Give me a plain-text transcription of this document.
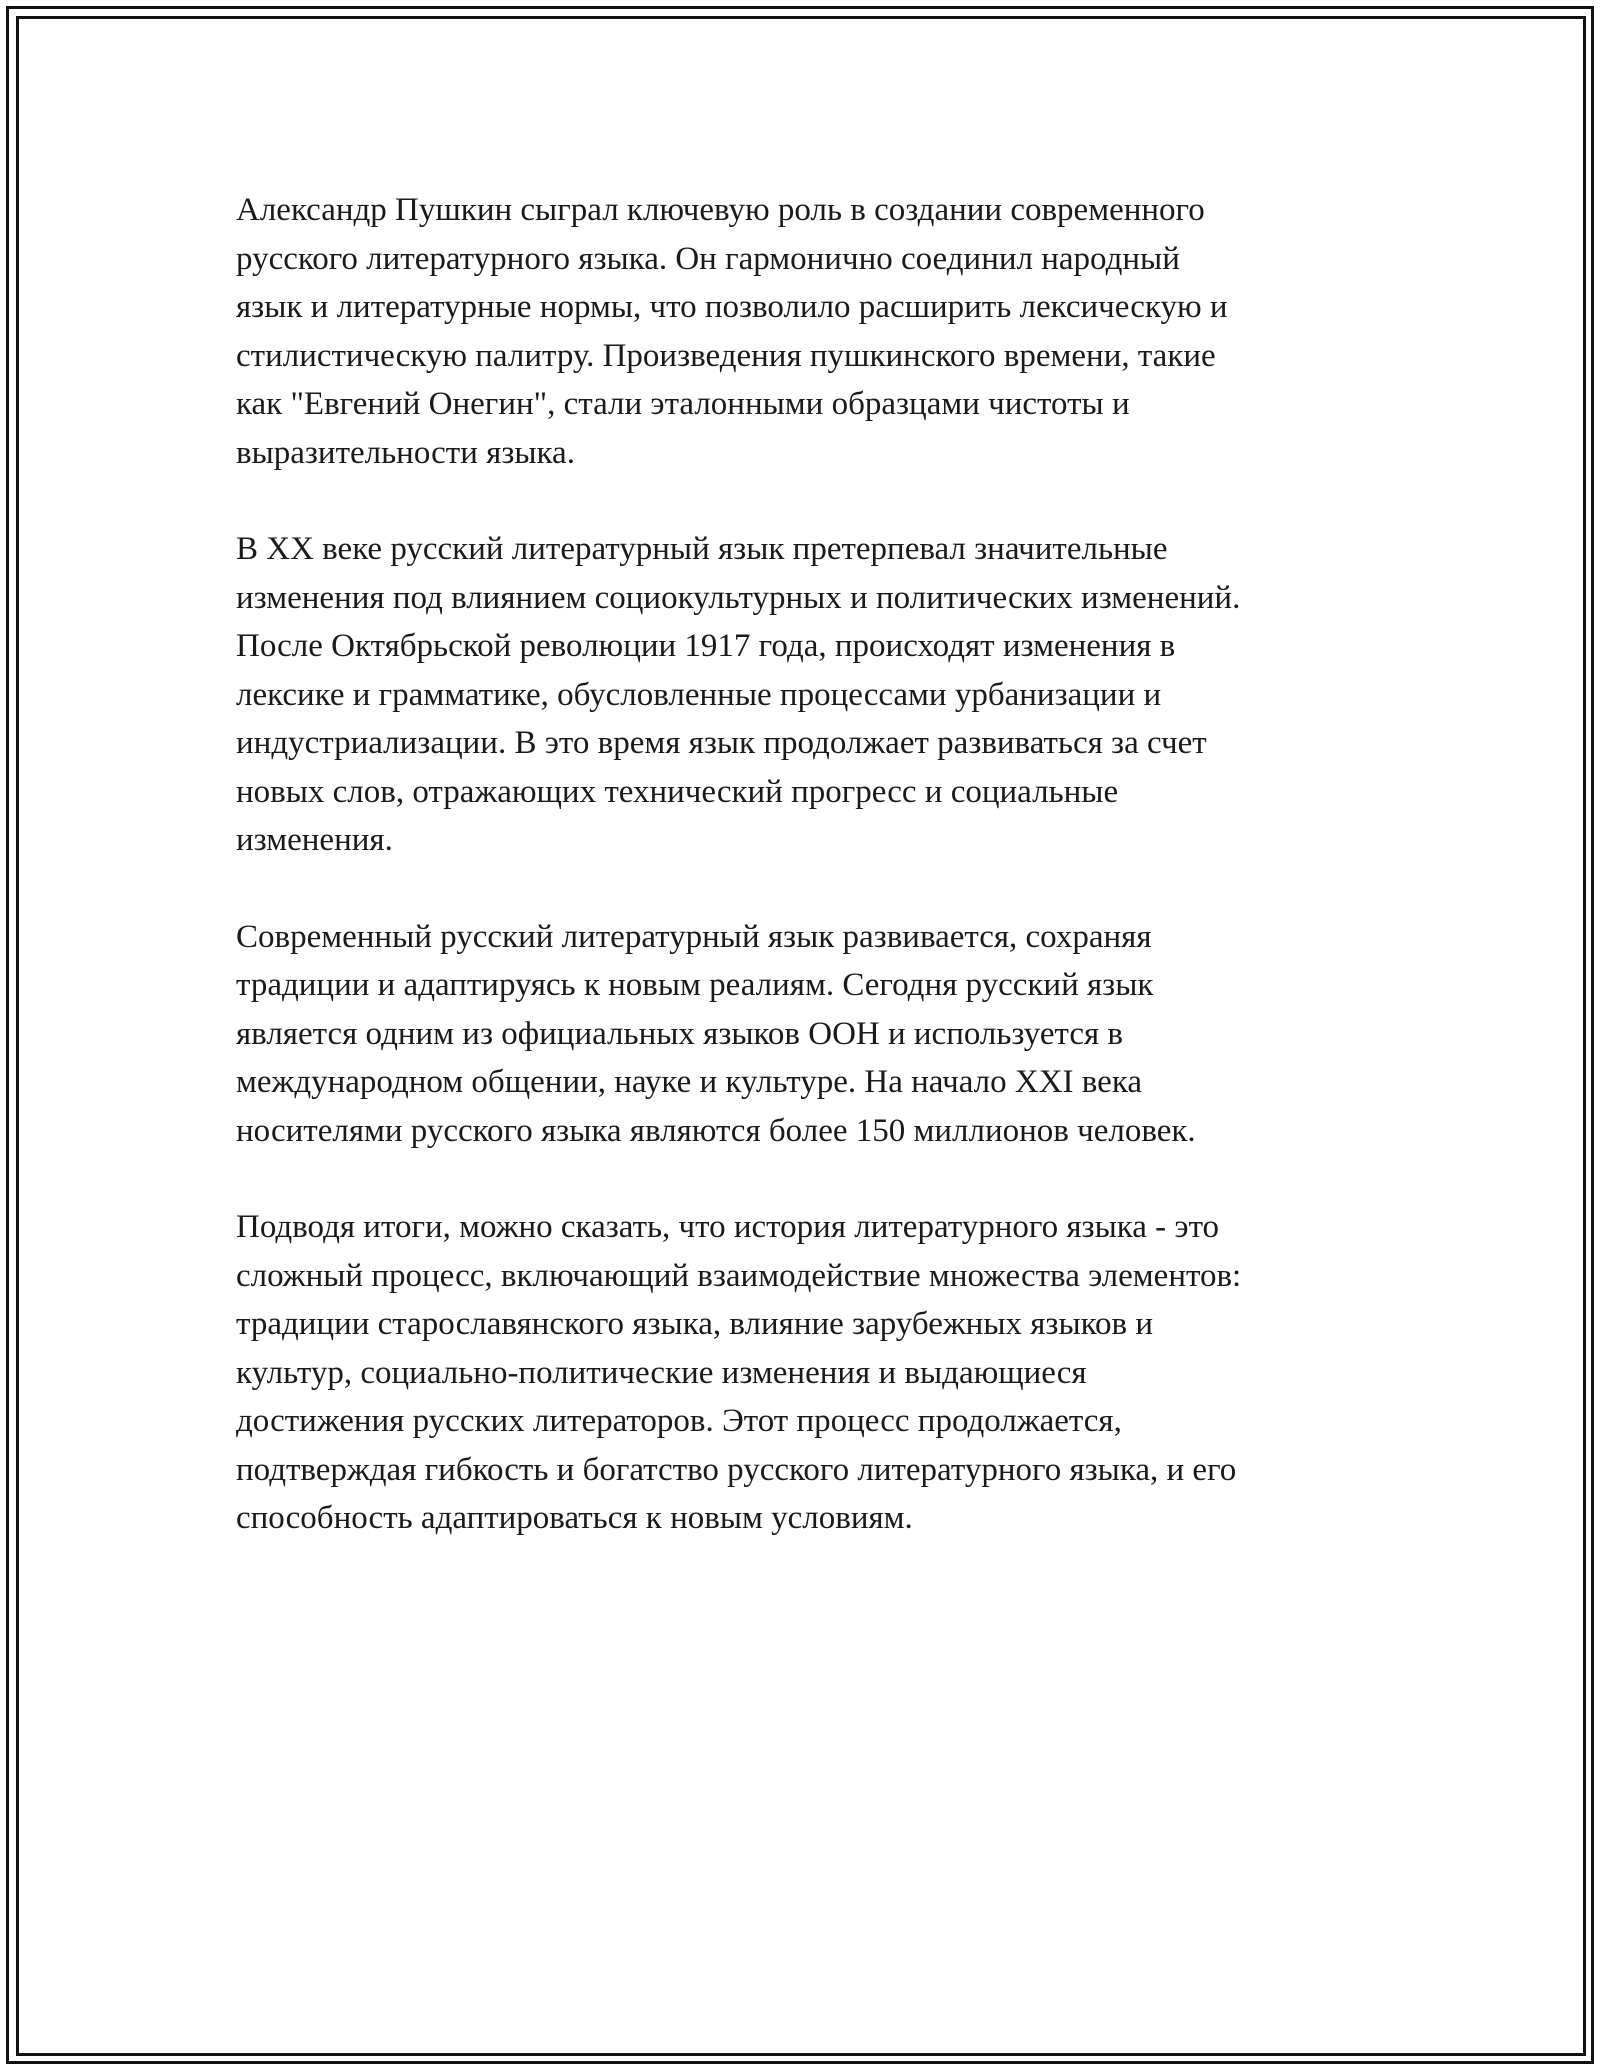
Александр Пушкин сыграл ключевую роль в создании современного
русского литературного языка. Он гармонично соединил народный
язык и литературные нормы, что позволило расширить лексическую и
стилистическую палитру. Произведения пушкинского времени, такие
как "Евгений Онегин", стали эталонными образцами чистоты и
выразительности языка.

В XX веке русский литературный язык претерпевал значительные
изменения под влиянием социокультурных и политических изменений.
После Октябрьской революции 1917 года, происходят изменения в
лексике и грамматике, обусловленные процессами урбанизации и
индустриализации. В это время язык продолжает развиваться за счет
новых слов, отражающих технический прогресс и социальные
изменения.

Современный русский литературный язык развивается, сохраняя
традиции и адаптируясь к новым реалиям. Сегодня русский язык
является одним из официальных языков ООН и используется в
международном общении, науке и культуре. На начало XXI века
носителями русского языка являются более 150 миллионов человек.

Подводя итоги, можно сказать, что история литературного языка - это
сложный процесс, включающий взаимодействие множества элементов:
традиции старославянского языка, влияние зарубежных языков и
культур, социально-политические изменения и выдающиеся
достижения русских литераторов. Этот процесс продолжается,
подтверждая гибкость и богатство русского литературного языка, и его
способность адаптироваться к новым условиям.
